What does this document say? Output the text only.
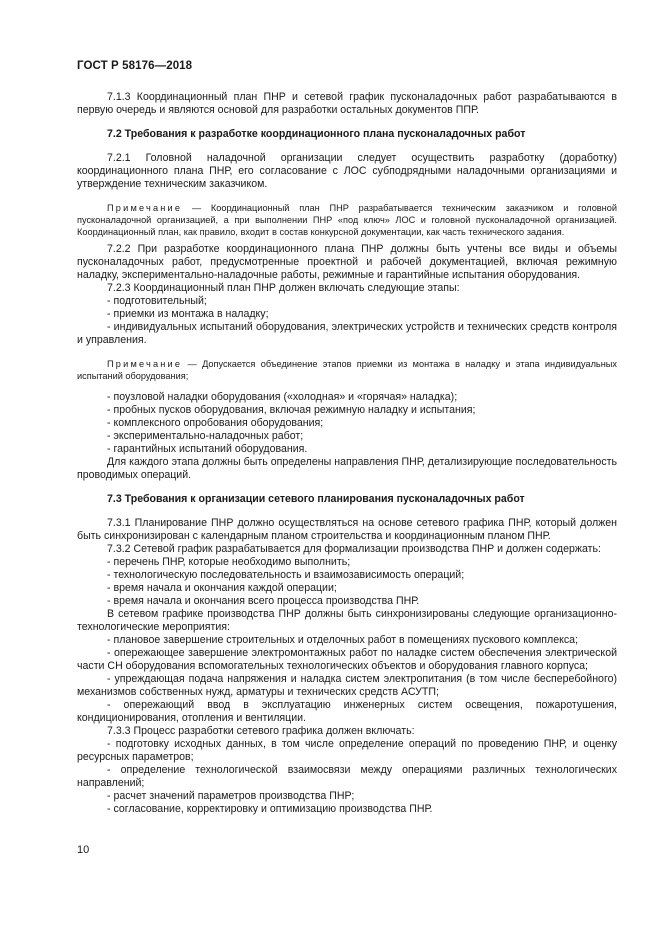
ГОСТ Р 58176—2018

7.1.3 Координационный план ПНР и сетевой график пусконаладочных работ разрабатываются в первую очередь и являются основой для разработки остальных документов ППР.

7.2 Требования к разработке координационного плана пусконаладочных работ

7.2.1 Головной наладочной организации следует осуществить разработку (доработку) координационного плана ПНР, его согласование с ЛОС субподрядными наладочными организациями и утверждение техническим заказчиком.

Примечание — Координационный план ПНР разрабатывается техническим заказчиком и головной пусконаладочной организацией, а при выполнении ПНР «под ключ» ЛОС и головной пусконаладочной организацией. Координационный план, как правило, входит в состав конкурсной документации, как часть технического задания.

7.2.2 При разработке координационного плана ПНР должны быть учтены все виды и объемы пусконаладочных работ, предусмотренные проектной и рабочей документацией, включая режимную наладку, экспериментально-наладочные работы, режимные и гарантийные испытания оборудования.

7.2.3 Координационный план ПНР должен включать следующие этапы:

- подготовительный;

- приемки из монтажа в наладку;

- индивидуальных испытаний оборудования, электрических устройств и технических средств контроля и управления.

Примечание — Допускается объединение этапов приемки из монтажа в наладку и этапа индивидуальных испытаний оборудования;

- поузловой наладки оборудования («холодная» и «горячая» наладка);

- пробных пусков оборудования, включая режимную наладку и испытания;

- комплексного опробования оборудования;

- экспериментально-наладочных работ;

- гарантийных испытаний оборудования.

Для каждого этапа должны быть определены направления ПНР, детализирующие последовательность проводимых операций.

7.3 Требования к организации сетевого планирования пусконаладочных работ

7.3.1 Планирование ПНР должно осуществляться на основе сетевого графика ПНР, который должен быть синхронизирован с календарным планом строительства и координационным планом ПНР.

7.3.2 Сетевой график разрабатывается для формализации производства ПНР и должен содержать:

- перечень ПНР, которые необходимо выполнить;

- технологическую последовательность и взаимозависимость операций;

- время начала и окончания каждой операции;

- время начала и окончания всего процесса производства ПНР.

В сетевом графике производства ПНР должны быть синхронизированы следующие организационно-технологические мероприятия:

- плановое завершение строительных и отделочных работ в помещениях пускового комплекса;

- опережающее завершение электромонтажных работ по наладке систем обеспечения электрической части СН оборудования вспомогательных технологических объектов и оборудования главного корпуса;

- упреждающая подача напряжения и наладка систем электропитания (в том числе бесперебойного) механизмов собственных нужд, арматуры и технических средств АСУТП;

- опережающий ввод в эксплуатацию инженерных систем освещения, пожаротушения, кондиционирования, отопления и вентиляции.

7.3.3 Процесс разработки сетевого графика должен включать:

- подготовку исходных данных, в том числе определение операций по проведению ПНР, и оценку ресурсных параметров;

- определение технологической взаимосвязи между операциями различных технологических направлений;

- расчет значений параметров производства ПНР;

- согласование, корректировку и оптимизацию производства ПНР.

10
